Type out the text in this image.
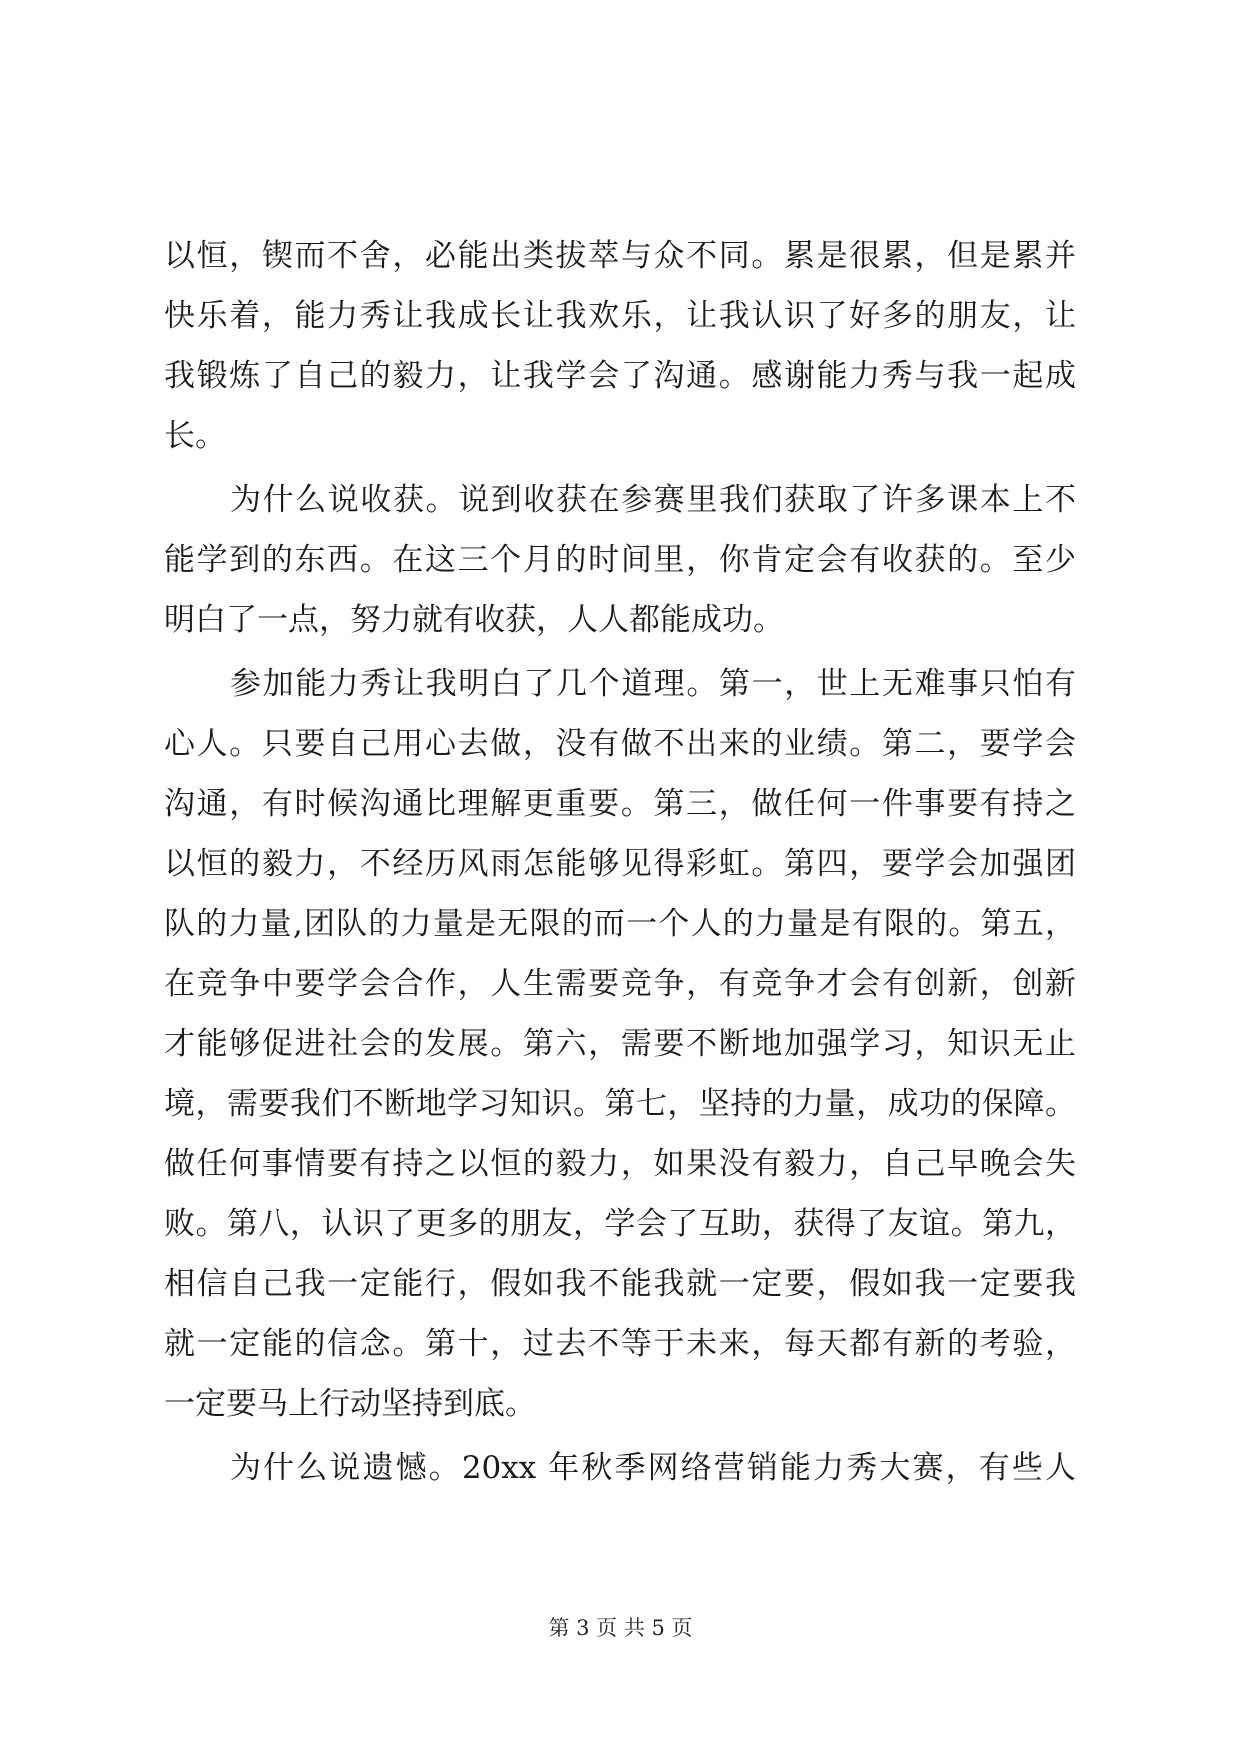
以恒，锲而不舍，必能出类拔萃与众不同。累是很累，但是累并
快乐着，能力秀让我成长让我欢乐，让我认识了好多的朋友，让
我锻炼了自己的毅力，让我学会了沟通。感谢能力秀与我一起成
长。
为什么说收获。说到收获在参赛里我们获取了许多课本上不
能学到的东西。在这三个月的时间里，你肯定会有收获的。至少
明白了一点，努力就有收获，人人都能成功。
参加能力秀让我明白了几个道理。第一，世上无难事只怕有
心人。只要自己用心去做，没有做不出来的业绩。第二，要学会
沟通，有时候沟通比理解更重要。第三，做任何一件事要有持之
以恒的毅力，不经历风雨怎能够见得彩虹。第四，要学会加强团
队的力量,团队的力量是无限的而一个人的力量是有限的。第五，
在竞争中要学会合作，人生需要竞争，有竞争才会有创新，创新
才能够促进社会的发展。第六，需要不断地加强学习，知识无止
境，需要我们不断地学习知识。第七，坚持的力量，成功的保障。
做任何事情要有持之以恒的毅力，如果没有毅力，自己早晚会失
败。第八，认识了更多的朋友，学会了互助，获得了友谊。第九，
相信自己我一定能行，假如我不能我就一定要，假如我一定要我
就一定能的信念。第十，过去不等于未来，每天都有新的考验，
一定要马上行动坚持到底。
为什么说遗憾。20xx 年秋季网络营销能力秀大赛，有些人
第 3 页 共 5 页
